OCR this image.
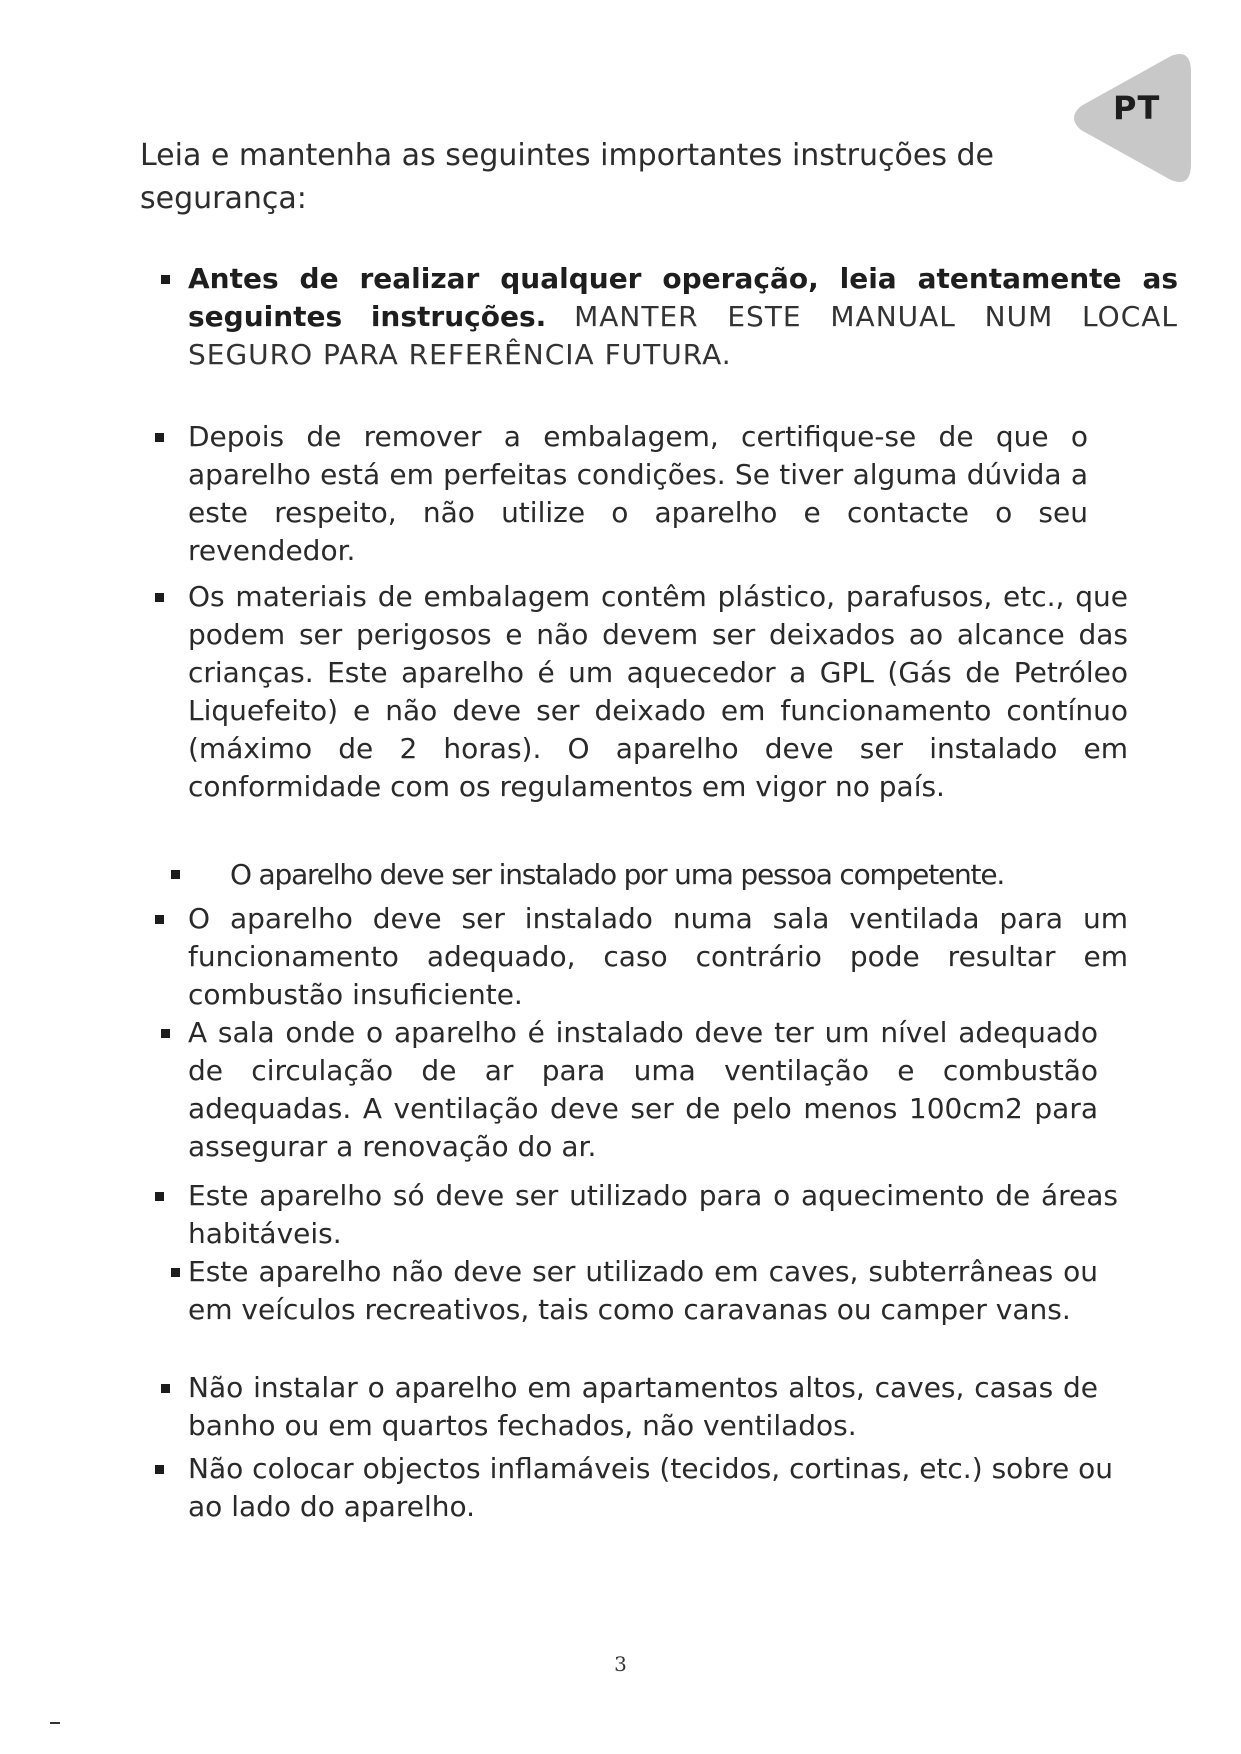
PT
Leia e mantenha as seguintes importantes instruções de segurança:
Antes de realizar qualquer operação, leia atentamente as seguintes instruções. MANTER ESTE MANUAL NUM LOCAL SEGURO PARA REFERÊNCIA FUTURA.
Depois de remover a embalagem, certifique-se de que o aparelho está em perfeitas condições. Se tiver alguma dúvida a este respeito, não utilize o aparelho e contacte o seu revendedor.
Os materiais de embalagem contêm plástico, parafusos, etc., que podem ser perigosos e não devem ser deixados ao alcance das crianças. Este aparelho é um aquecedor a GPL (Gás de Petróleo Liquefeito) e não deve ser deixado em funcionamento contínuo (máximo de 2 horas). O aparelho deve ser instalado em conformidade com os regulamentos em vigor no país.
O aparelho deve ser instalado por uma pessoa competente.
O aparelho deve ser instalado numa sala ventilada para um funcionamento adequado, caso contrário pode resultar em combustão insuficiente.
A sala onde o aparelho é instalado deve ter um nível adequado de circulação de ar para uma ventilação e combustão adequadas. A ventilação deve ser de pelo menos 100cm2 para assegurar a renovação do ar.
Este aparelho só deve ser utilizado para o aquecimento de áreas habitáveis.
Este aparelho não deve ser utilizado em caves, subterrâneas ou em veículos recreativos, tais como caravanas ou camper vans.
Não instalar o aparelho em apartamentos altos, caves, casas de banho ou em quartos fechados, não ventilados.
Não colocar objectos inflamáveis (tecidos, cortinas, etc.) sobre ou ao lado do aparelho.
3
